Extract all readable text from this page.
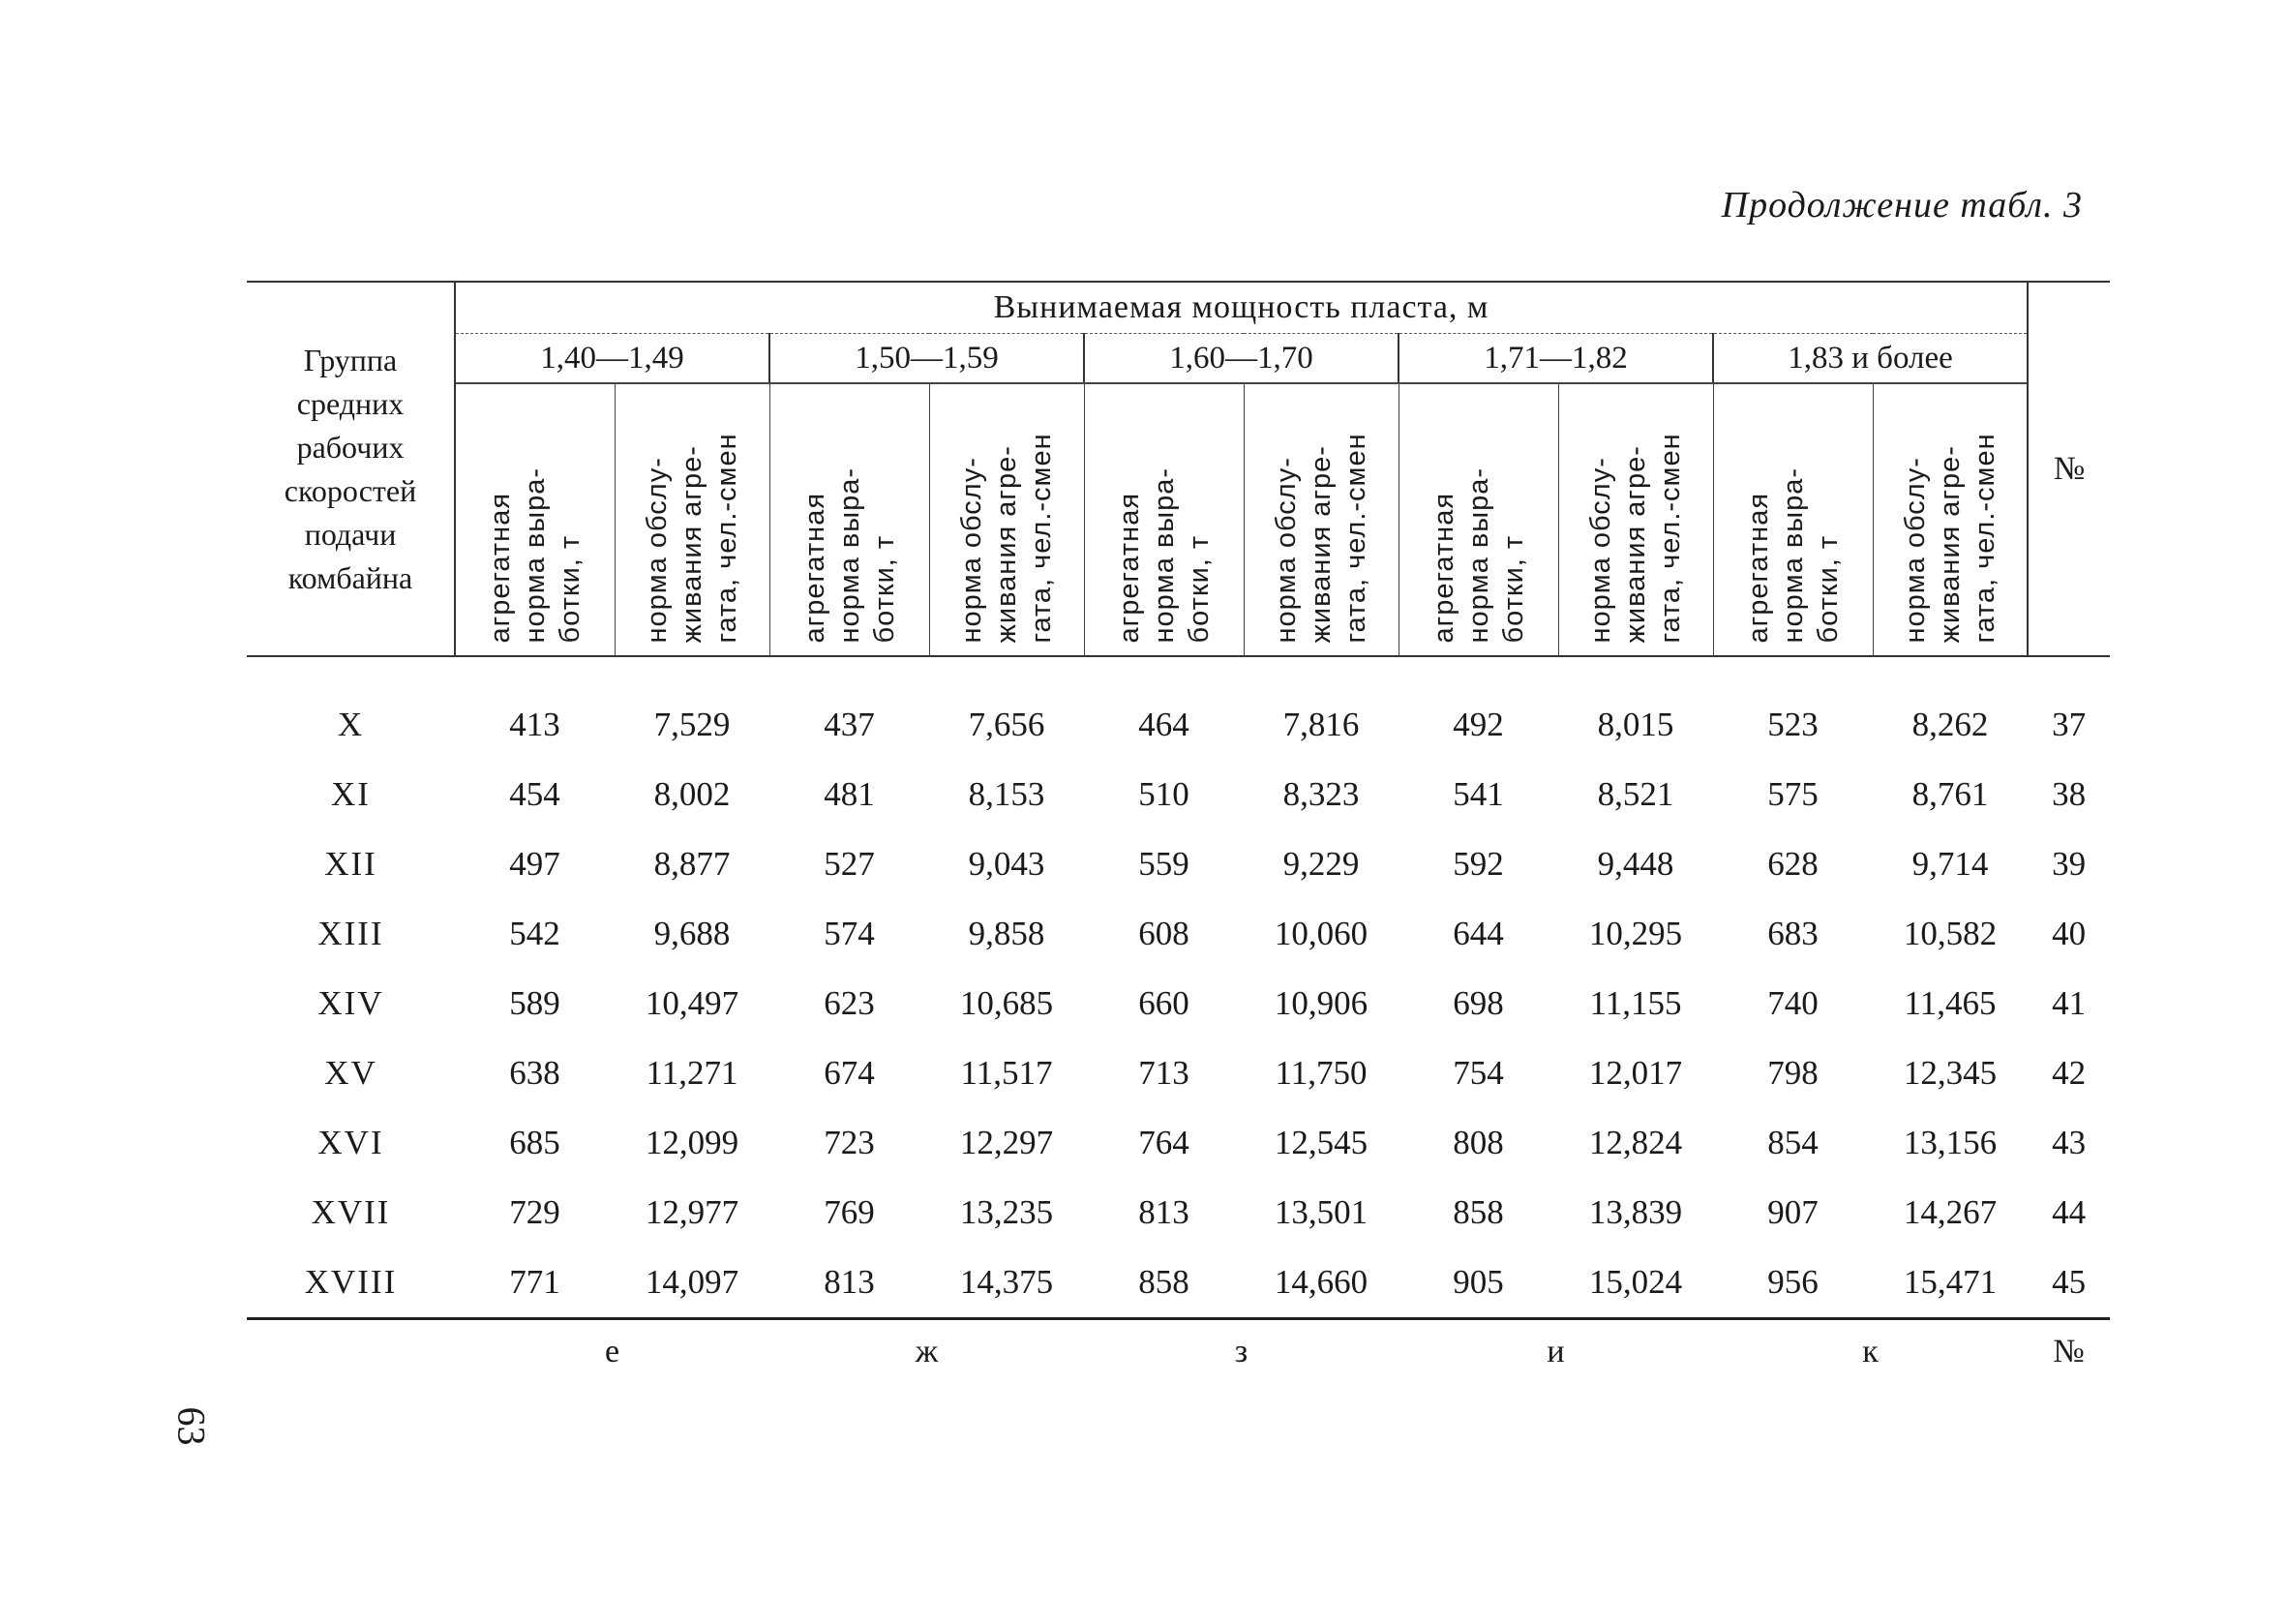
Продолжение табл. 3
Группа средних рабочих скоростей подачи комбайна	Вынимаемая мощность пласта, м										№
	1,40—1,49		1,50—1,59		1,60—1,70		1,71—1,82		1,83 и более		

	агрегатная
норма выра-
ботки, т	норма обслу-
живания агре-
гата, чел.-смен	агрегатная
норма выра-
ботки, т	норма обслу-
живания агре-
гата, чел.-смен	агрегатная
норма выра-
ботки, т	норма обслу-
живания агре-
гата, чел.-смен	агрегатная
норма выра-
ботки, т	норма обслу-
живания агре-
гата, чел.-смен	агрегатная
норма выра-
ботки, т	норма обслу-
живания агре-
гата, чел.-смен	

X	413	7,529	437	7,656	464	7,816	492	8,015	523	8,262	37
XI	454	8,002	481	8,153	510	8,323	541	8,521	575	8,761	38
XII	497	8,877	527	9,043	559	9,229	592	9,448	628	9,714	39
XIII	542	9,688	574	9,858	608	10,060	644	10,295	683	10,582	40
XIV	589	10,497	623	10,685	660	10,906	698	11,155	740	11,465	41
XV	638	11,271	674	11,517	713	11,750	754	12,017	798	12,345	42
XVI	685	12,099	723	12,297	764	12,545	808	12,824	854	13,156	43
XVII	729	12,977	769	13,235	813	13,501	858	13,839	907	14,267	44
XVIII	771	14,097	813	14,375	858	14,660	905	15,024	956	15,471	45
	е		ж		з		и		к		№
63
